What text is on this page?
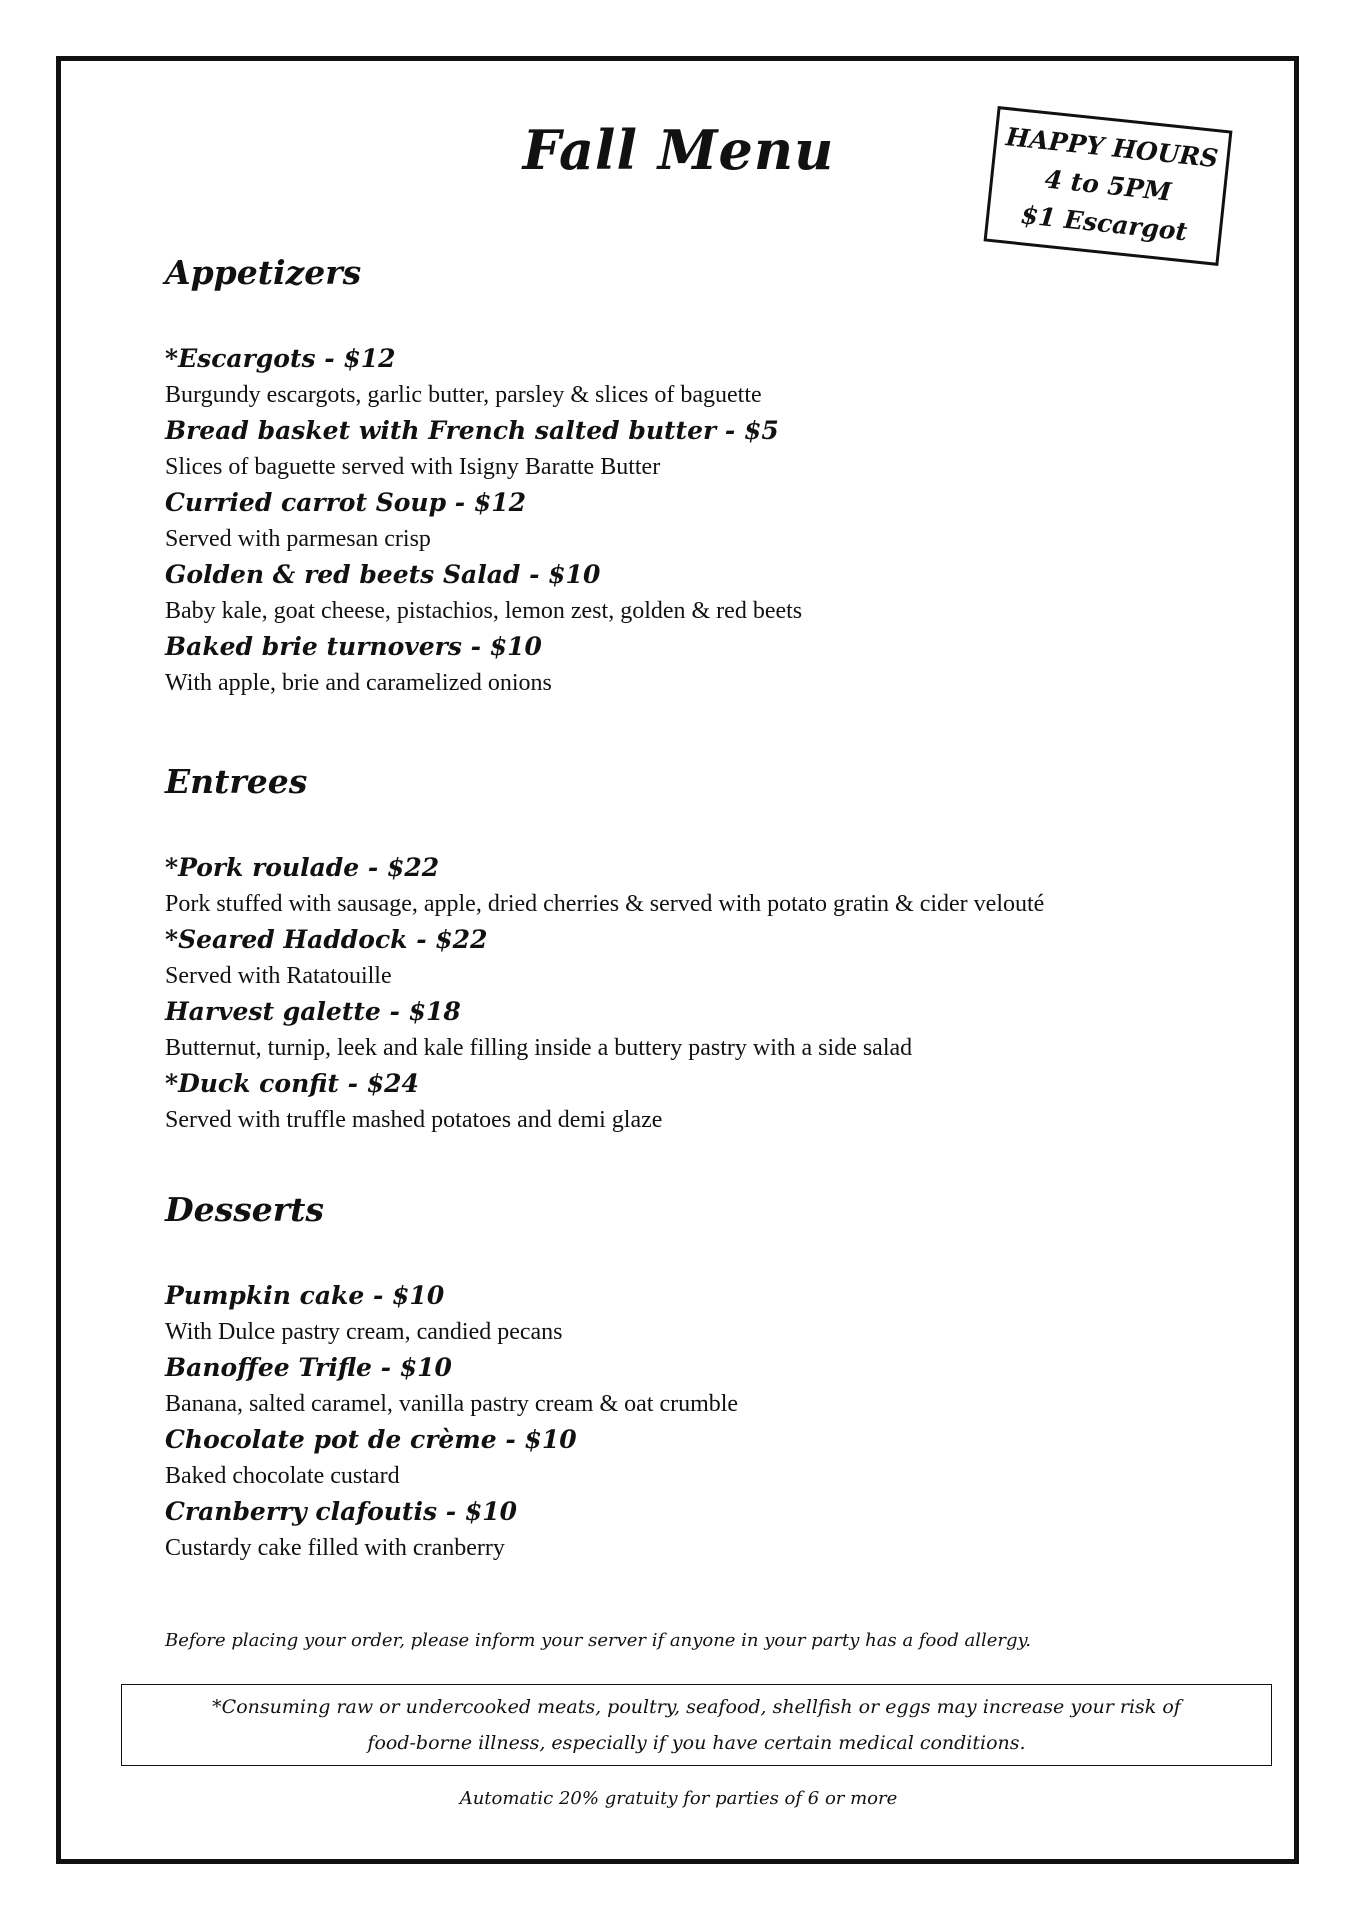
Fall Menu	HAPPY HOURS
4 to 5PM
$1 Escargot
Appetizers
*Escargots - $12
Burgundy escargots, garlic butter, parsley & slices of baguette
Bread basket with French salted butter - $5
Slices of baguette served with Isigny Baratte Butter
Curried carrot Soup - $12
Served with parmesan crisp
Golden & red beets Salad - $10
Baby kale, goat cheese, pistachios, lemon zest, golden & red beets
Baked brie turnovers - $10
With apple, brie and caramelized onions
Entrees
*Pork roulade - $22
Pork stuffed with sausage, apple, dried cherries & served with potato gratin & cider velouté
*Seared Haddock - $22
Served with Ratatouille
Harvest galette - $18
Butternut, turnip, leek and kale filling inside a buttery pastry with a side salad
*Duck confit - $24
Served with truffle mashed potatoes and demi glaze
Desserts
Pumpkin cake - $10
With Dulce pastry cream, candied pecans
Banoffee Trifle - $10
Banana, salted caramel, vanilla pastry cream & oat crumble
Chocolate pot de crème - $10
Baked chocolate custard
Cranberry clafoutis - $10
Custardy cake filled with cranberry
Before placing your order, please inform your server if anyone in your party has a food allergy.
*Consuming raw or undercooked meats, poultry, seafood, shellfish or eggs may increase your risk of
food-borne illness, especially if you have certain medical conditions.
Automatic 20% gratuity for parties of 6 or more
